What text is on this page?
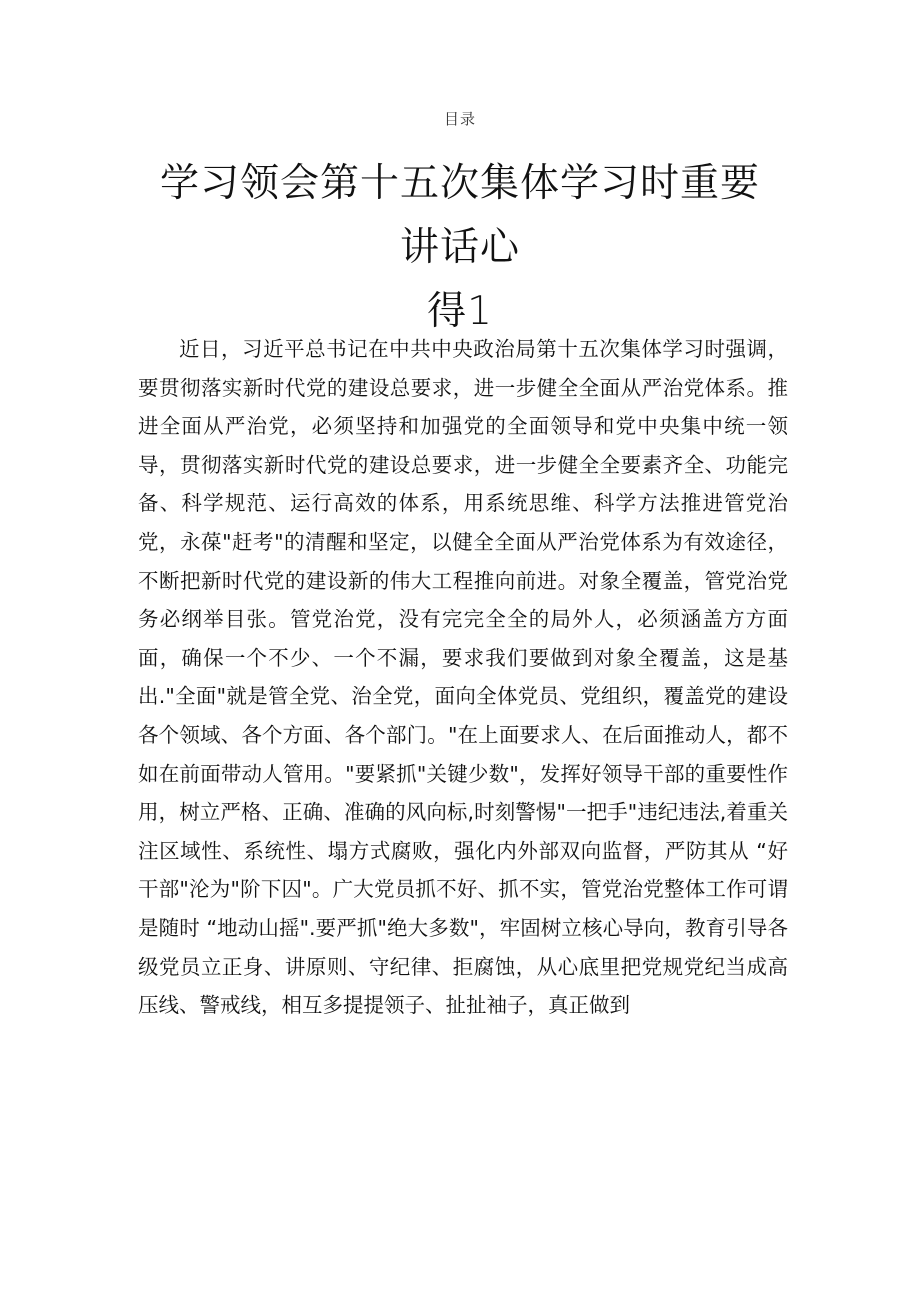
目录
学习领会第十五次集体学习时重要讲话心
得1

近日，习近平总书记在中共中央政治局第十五次集体学习时强调，要贯彻落实新时代党的建设总要求，进一步健全全面从严治党体系。推进全面从严治党，必须坚持和加强党的全面领导和党中央集中统一领导，贯彻落实新时代党的建设总要求，进一步健全全要素齐全、功能完备、科学规范、运行高效的体系，用系统思维、科学方法推进管党治党，永葆"赶考"的清醒和坚定，以健全全面从严治党体系为有效途径，不断把新时代党的建设新的伟大工程推向前进。对象全覆盖，管党治党务必纲举目张。管党治党，没有完完全全的局外人，必须涵盖方方面面，确保一个不少、一个不漏，要求我们要做到对象全覆盖，这是基出."全面"就是管全党、治全党，面向全体党员、党组织，覆盖党的建设各个领域、各个方面、各个部门。"在上面要求人、在后面推动人，都不如在前面带动人管用。"要紧抓"关键少数"，发挥好领导干部的重要性作用，树立严格、正确、准确的风向标,时刻警惕"一把手"违纪违法,着重关注区域性、系统性、塌方式腐败，强化内外部双向监督，严防其从 “好干部"沦为"阶下囚"。广大党员抓不好、抓不实，管党治党整体工作可谓是随时 “地动山摇".要严抓"绝大多数"，牢固树立核心导向，教育引导各级党员立正身、讲原则、守纪律、拒腐蚀，从心底里把党规党纪当成高压线、警戒线，相互多提提领子、扯扯袖子，真正做到
